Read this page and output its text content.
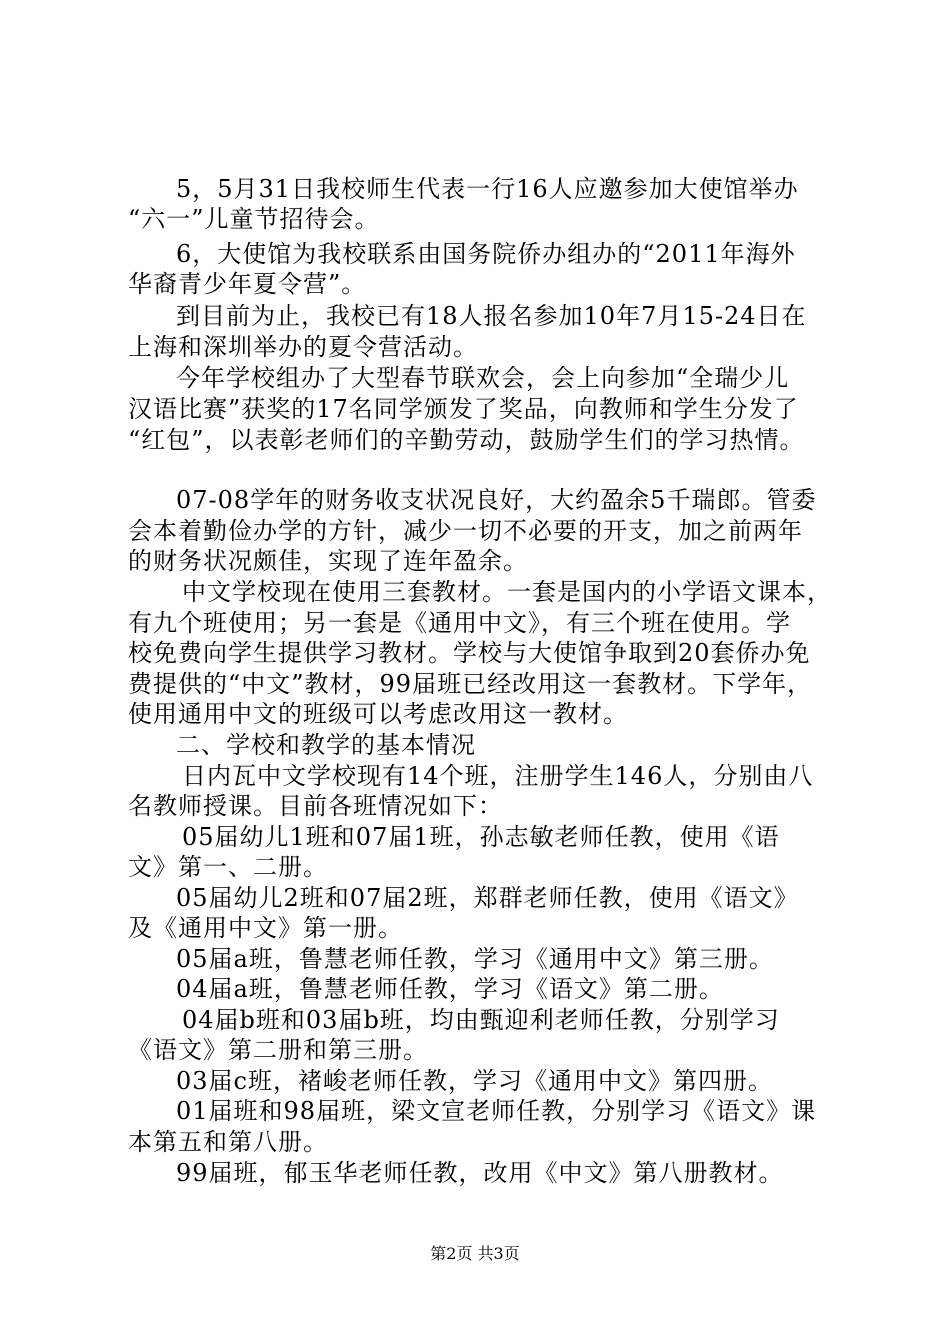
5，5月31日我校师生代表一行16人应邀参加大使馆举办
“六一”儿童节招待会。
6，大使馆为我校联系由国务院侨办组办的“2011年海外
华裔青少年夏令营”。
到目前为止，我校已有18人报名参加10年7月15-24日在
上海和深圳举办的夏令营活动。
今年学校组办了大型春节联欢会，会上向参加“全瑞少儿
汉语比赛”获奖的17名同学颁发了奖品，向教师和学生分发了
“红包”，以表彰老师们的辛勤劳动，鼓励学生们的学习热情。
07-08学年的财务收支状况良好，大约盈余5千瑞郎。管委
会本着勤俭办学的方针，减少一切不必要的开支，加之前两年
的财务状况颇佳，实现了连年盈余。
中文学校现在使用三套教材。一套是国内的小学语文课本，
有九个班使用；另一套是《通用中文》，有三个班在使用。学
校免费向学生提供学习教材。学校与大使馆争取到20套侨办免
费提供的“中文”教材，99届班已经改用这一套教材。下学年，
使用通用中文的班级可以考虑改用这一教材。
二、学校和教学的基本情况
日内瓦中文学校现有14个班，注册学生146人，分别由八
名教师授课。目前各班情况如下：
05届幼儿1班和07届1班，孙志敏老师任教，使用《语
文》第一、二册。
05届幼儿2班和07届2班，郑群老师任教，使用《语文》
及《通用中文》第一册。
05届a班，鲁慧老师任教，学习《通用中文》第三册。
04届a班，鲁慧老师任教，学习《语文》第二册。
04届b班和03届b班，均由甄迎利老师任教，分别学习
《语文》第二册和第三册。
03届c班，褚峻老师任教，学习《通用中文》第四册。
01届班和98届班，梁文宣老师任教，分别学习《语文》课
本第五和第八册。
99届班，郁玉华老师任教，改用《中文》第八册教材。
第2页 共3页
